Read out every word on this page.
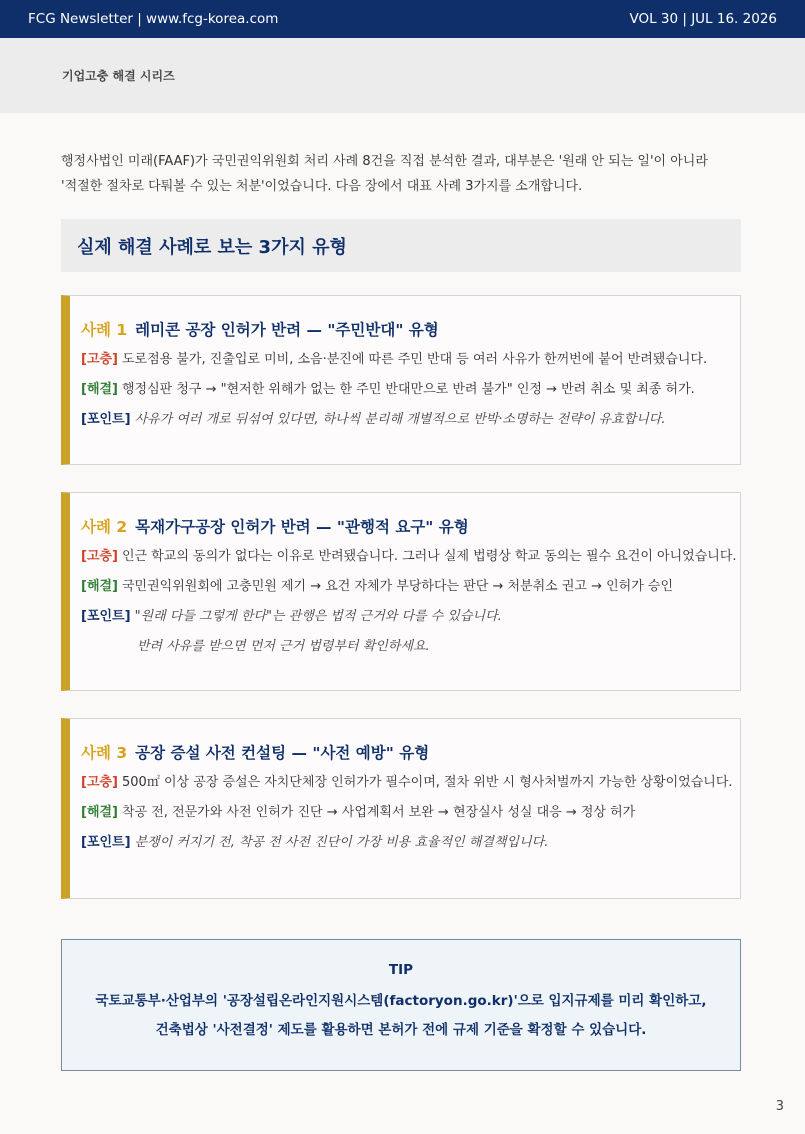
FCG Newsletter | www.fcg-korea.com	VOL 30 | JUL 16. 2026
기업고충 해결 시리즈
행정사법인 미래(FAAF)가 국민권익위원회 처리 사례 8건을 직접 분석한 결과, 대부분은 '원래 안 되는 일'이 아니라
'적절한 절차로 다퉈볼 수 있는 처분'이었습니다. 다음 장에서 대표 사례 3가지를 소개합니다.
실제 해결 사례로 보는 3가지 유형
사례 1 레미콘 공장 인허가 반려 — "주민반대" 유형
[고충] 도로점용 불가, 진출입로 미비, 소음·분진에 따른 주민 반대 등 여러 사유가 한꺼번에 붙어 반려됐습니다.
[해결] 행정심판 청구 → "현저한 위해가 없는 한 주민 반대만으로 반려 불가" 인정 → 반려 취소 및 최종 허가.
[포인트] 사유가 여러 개로 뒤섞여 있다면, 하나씩 분리해 개별적으로 반박·소명하는 전략이 유효합니다.
사례 2 목재가구공장 인허가 반려 — "관행적 요구" 유형
[고충] 인근 학교의 동의가 없다는 이유로 반려됐습니다. 그러나 실제 법령상 학교 동의는 필수 요건이 아니었습니다.
[해결] 국민권익위원회에 고충민원 제기 → 요건 자체가 부당하다는 판단 → 처분취소 권고 → 인허가 승인
[포인트] "원래 다들 그렇게 한다"는 관행은 법적 근거와 다를 수 있습니다.
반려 사유를 받으면 먼저 근거 법령부터 확인하세요.
사례 3 공장 증설 사전 컨설팅 — "사전 예방" 유형
[고충] 500㎡ 이상 공장 증설은 자치단체장 인허가가 필수이며, 절차 위반 시 형사처벌까지 가능한 상황이었습니다.
[해결] 착공 전, 전문가와 사전 인허가 진단 → 사업계획서 보완 → 현장실사 성실 대응 → 정상 허가
[포인트] 분쟁이 커지기 전, 착공 전 사전 진단이 가장 비용 효율적인 해결책입니다.
TIP
국토교통부·산업부의 '공장설립온라인지원시스템(factoryon.go.kr)'으로 입지규제를 미리 확인하고,
건축법상 '사전결정' 제도를 활용하면 본허가 전에 규제 기준을 확정할 수 있습니다.
3
